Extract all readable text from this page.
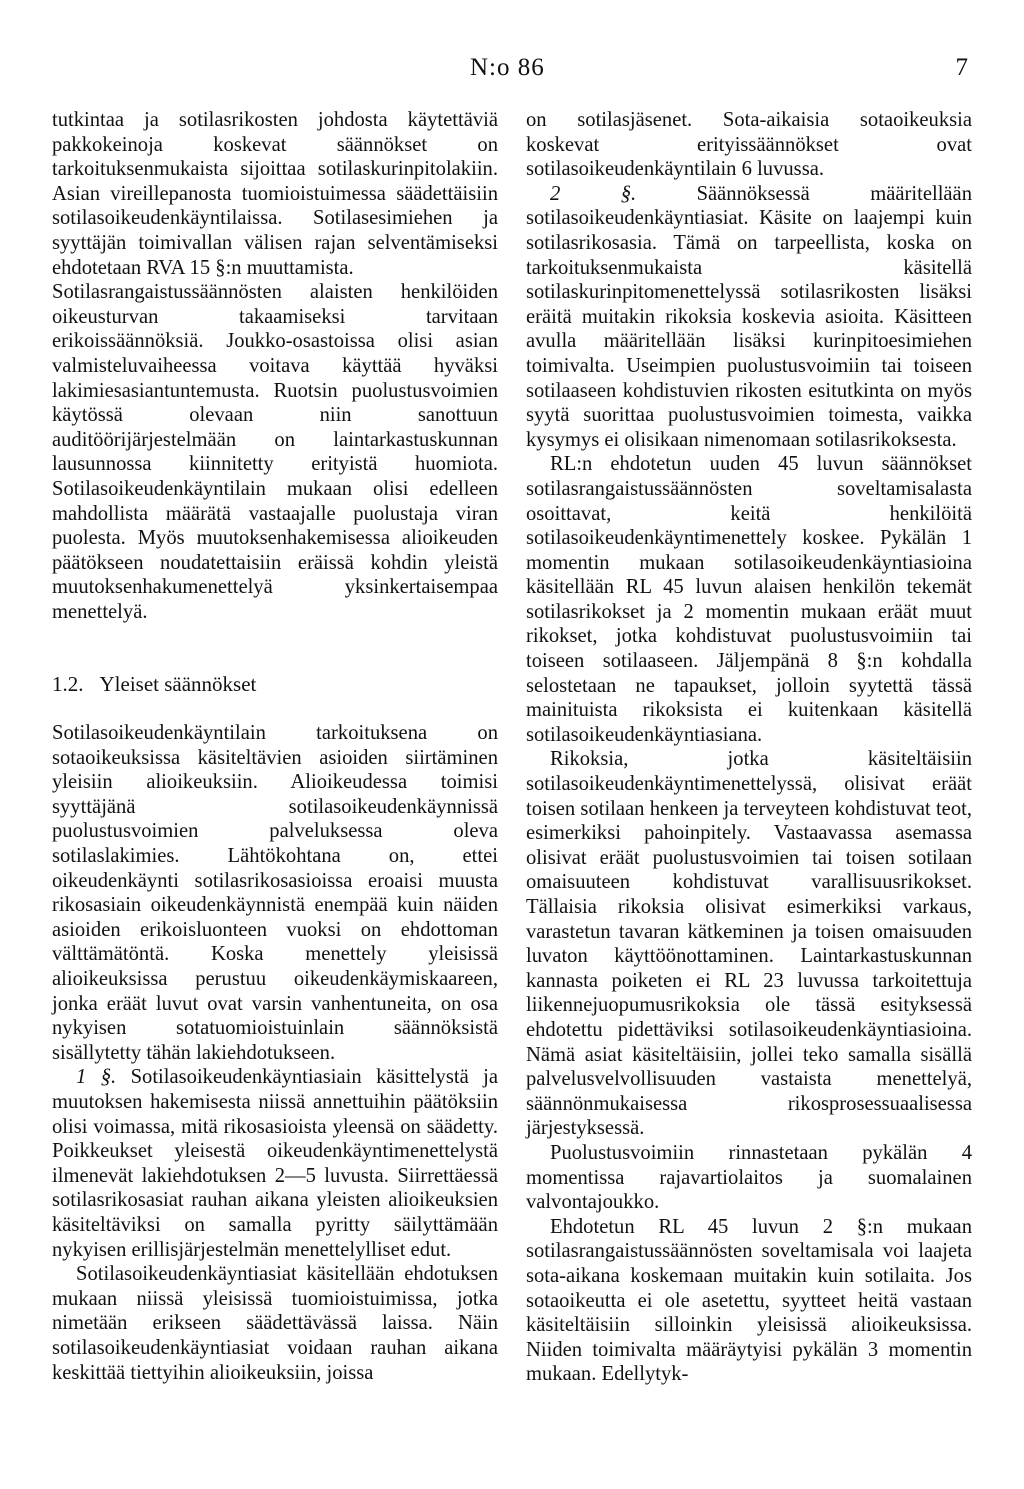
N:o 86	7

tutkintaa ja sotilasrikosten johdosta käytettäviä pakkokeinoja koskevat säännökset on tarkoituksenmukaista sijoittaa sotilaskurinpitolakiin. Asian vireillepanosta tuomioistuimessa säädettäisiin sotilasoikeudenkäyntilaissa. Sotilasesimiehen ja syyttäjän toimivallan välisen rajan selventämiseksi ehdotetaan RVA 15 §:n muuttamista.

Sotilasrangaistussäännösten alaisten henkilöiden oikeusturvan takaamiseksi tarvitaan erikoissäännöksiä. Joukko-osastoissa olisi asian valmisteluvaiheessa voitava käyttää hyväksi lakimiesasiantuntemusta. Ruotsin puolustusvoimien käytössä olevaan niin sanottuun auditöörijärjestelmään on laintarkastuskunnan lausunnossa kiinnitetty erityistä huomiota. Sotilasoikeudenkäyntilain mukaan olisi edelleen mahdollista määrätä vastaajalle puolustaja viran puolesta. Myös muutoksenhakemisessa alioikeuden päätökseen noudatettaisiin eräissä kohdin yleistä muutoksenhakumenettelyä yksinkertaisempaa menettelyä.

1.2. Yleiset säännökset

Sotilasoikeudenkäyntilain tarkoituksena on sotaoikeuksissa käsiteltävien asioiden siirtäminen yleisiin alioikeuksiin. Alioikeudessa toimisi syyttäjänä sotilasoikeudenkäynnissä puolustusvoimien palveluksessa oleva sotilaslakimies. Lähtökohtana on, ettei oikeudenkäynti sotilasrikosasioissa eroaisi muusta rikosasiain oikeudenkäynnistä enempää kuin näiden asioiden erikoisluonteen vuoksi on ehdottoman välttämätöntä. Koska menettely yleisissä alioikeuksissa perustuu oikeudenkäymiskaareen, jonka eräät luvut ovat varsin vanhentuneita, on osa nykyisen sotatuomioistuinlain säännöksistä sisällytetty tähän lakiehdotukseen.

1 §. Sotilasoikeudenkäyntiasiain käsittelystä ja muutoksen hakemisesta niissä annettuihin päätöksiin olisi voimassa, mitä rikosasioista yleensä on säädetty. Poikkeukset yleisestä oikeudenkäyntimenettelystä ilmenevät lakiehdotuksen 2—5 luvusta. Siirrettäessä sotilasrikosasiat rauhan aikana yleisten alioikeuksien käsiteltäviksi on samalla pyritty säilyttämään nykyisen erillisjärjestelmän menettelylliset edut.

Sotilasoikeudenkäyntiasiat käsitellään ehdotuksen mukaan niissä yleisissä tuomioistuimissa, jotka nimetään erikseen säädettävässä laissa. Näin sotilasoikeudenkäyntiasiat voidaan rauhan aikana keskittää tiettyihin alioikeuksiin, joissa

on sotilasjäsenet. Sota-aikaisia sotaoikeuksia koskevat erityissäännökset ovat sotilasoikeudenkäyntilain 6 luvussa.

2 §. Säännöksessä määritellään sotilasoikeudenkäyntiasiat. Käsite on laajempi kuin sotilasrikosasia. Tämä on tarpeellista, koska on tarkoituksenmukaista käsitellä sotilaskurinpitomenettelyssä sotilasrikosten lisäksi eräitä muitakin rikoksia koskevia asioita. Käsitteen avulla määritellään lisäksi kurinpitoesimiehen toimivalta. Useimpien puolustusvoimiin tai toiseen sotilaaseen kohdistuvien rikosten esitutkinta on myös syytä suorittaa puolustusvoimien toimesta, vaikka kysymys ei olisikaan nimenomaan sotilasrikoksesta.

RL:n ehdotetun uuden 45 luvun säännökset sotilasrangaistussäännösten soveltamisalasta osoittavat, keitä henkilöitä sotilasoikeudenkäyntimenettely koskee. Pykälän 1 momentin mukaan sotilasoikeudenkäyntiasioina käsitellään RL 45 luvun alaisen henkilön tekemät sotilasrikokset ja 2 momentin mukaan eräät muut rikokset, jotka kohdistuvat puolustusvoimiin tai toiseen sotilaaseen. Jäljempänä 8 §:n kohdalla selostetaan ne tapaukset, jolloin syytettä tässä mainituista rikoksista ei kuitenkaan käsitellä sotilasoikeudenkäyntiasiana.

Rikoksia, jotka käsiteltäisiin sotilasoikeudenkäyntimenettelyssä, olisivat eräät toisen sotilaan henkeen ja terveyteen kohdistuvat teot, esimerkiksi pahoinpitely. Vastaavassa asemassa olisivat eräät puolustusvoimien tai toisen sotilaan omaisuuteen kohdistuvat varallisuusrikokset. Tällaisia rikoksia olisivat esimerkiksi varkaus, varastetun tavaran kätkeminen ja toisen omaisuuden luvaton käyttöönottaminen. Laintarkastuskunnan kannasta poiketen ei RL 23 luvussa tarkoitettuja liikennejuopumusrikoksia ole tässä esityksessä ehdotettu pidettäviksi sotilasoikeudenkäyntiasioina. Nämä asiat käsiteltäisiin, jollei teko samalla sisällä palvelusvelvollisuuden vastaista menettelyä, säännönmukaisessa rikosprosessuaalisessa järjestyksessä.

Puolustusvoimiin rinnastetaan pykälän 4 momentissa rajavartiolaitos ja suomalainen valvontajoukko.

Ehdotetun RL 45 luvun 2 §:n mukaan sotilasrangaistussäännösten soveltamisala voi laajeta sota-aikana koskemaan muitakin kuin sotilaita. Jos sotaoikeutta ei ole asetettu, syytteet heitä vastaan käsiteltäisiin silloinkin yleisissä alioikeuksissa. Niiden toimivalta määräytyisi pykälän 3 momentin mukaan. Edellytyk-
